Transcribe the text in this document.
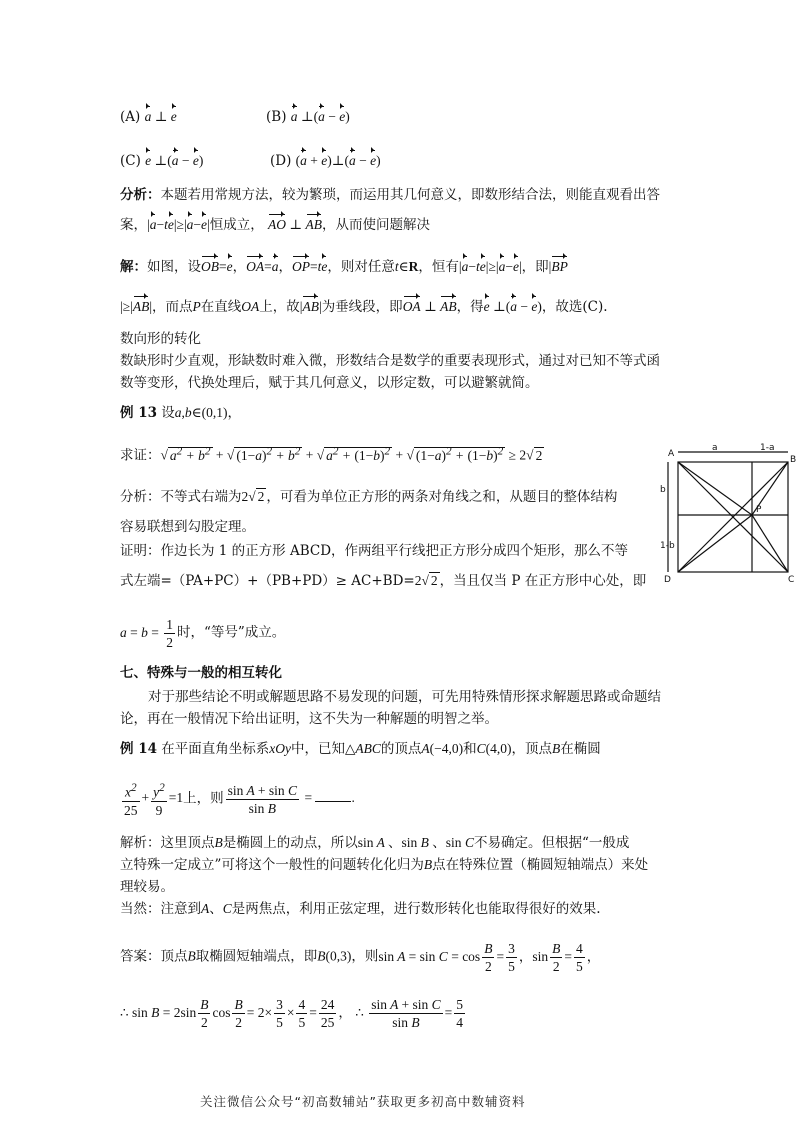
(A) a ⊥ e	(B) a ⊥(a − e)
(C) e ⊥(a − e)	(D) (a + e)⊥(a − e)
分析：本题若用常规方法，较为繁琐，而运用其几何意义，即数形结合法，则能直观看出答
案，|a−te|≥|a−e|恒成立， AO ⊥ AB，从而使问题解决
解：如图，设OB=e，OA=a，OP=te，则对任意t∈R，恒有|a−te|≥|a−e|，即|BP
|≥|AB|，而点P在直线OA上，故|AB|为垂线段，即OA ⊥ AB，得e ⊥(a − e)，故选(C).
数向形的转化
数缺形时少直观，形缺数时难入微，形数结合是数学的重要表现形式，通过对已知不等式函
数等变形，代换处理后，赋于其几何意义，以形定数，可以避繁就简。
例 13 设a,b∈(0,1)，
求证：√ $a^2 + b^2$ + √ $(1-a)^2 + b^2$ + √ $a^2 + (1-b)^2$ + √ $(1-a)^2 + (1-b)^2 \ge 2√$ 2
分析：不等式右端为2√ 2 ，可看为单位正方形的两条对角线之和，从题目的整体结构
容易联想到勾股定理。
证明：作边长为 1 的正方形 ABCD，作两组平行线把正方形分成四个矩形，那么不等
式左端=（PA+PC）+（PB+PD）≥ AC+BD=2√ 2 ，当且仅当 P 在正方形中心处，即
$a = b = \frac{1}{2}$ 时，“等号”成立。
A
B
C
D
P
a	1-a
b
1-b
七、特殊与一般的相互转化
对于那些结论不明或解题思路不易发现的问题，可先用特殊情形探求解题思路或命题结
论，再在一般情况下给出证明，这不失为一种解题的明智之举。
例 14 在平面直角坐标系xOy中，已知△ABC的顶点A(−4,0)和C(4,0)，顶点B在椭圆
$\frac{x^2}{25} + \frac{y^2}{9} =1$上，则 $\frac{\text{sin A + sin C}}{\text{sin B}}$ =	.
解析：这里顶点B是椭圆上的动点，所以sin A 、sin B 、sin C不易确定。但根据“一般成
立特殊一定成立”可将这个一般性的问题转化化归为B点在特殊位置（椭圆短轴端点）来处
理较易。
当然：注意到A、C是两焦点，利用正弦定理，进行数形转化也能取得很好的效果.
答案：顶点B取椭圆短轴端点，即B(0,3)，则$\sin A = \sin C = \cos \frac{B}{2} = \frac{3}{5}$ ，$\sin \frac{B}{2} = \frac{4}{5}$ ，
∴ $\sin B = 2\sin \frac{B}{2}$ $\cos \frac{B}{2} = 2\times \frac{3}{5} \times \frac{4}{5} = \frac{24}{25}$ ， ∴ $\frac{\text{sin A + sin C}}{\text{sin B}} = \frac{5}{4}$
关注微信公众号“初高数辅站”获取更多初高中数辅资料
